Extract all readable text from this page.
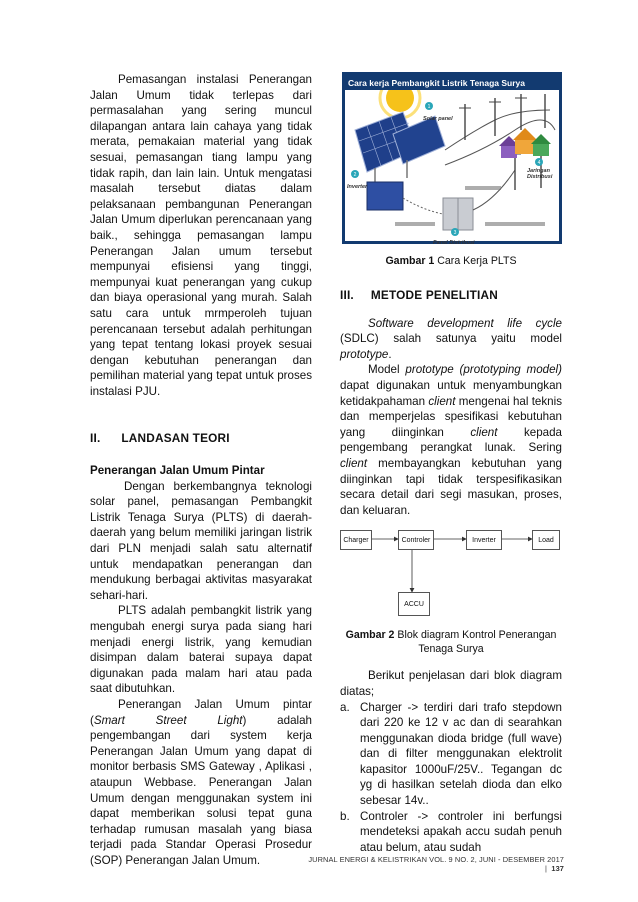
Pemasangan instalasi Penerangan Jalan Umum tidak terlepas dari permasalahan yang sering muncul dilapangan antara lain cahaya yang tidak merata, pemakaian material yang tidak sesuai, pemasangan tiang lampu yang tidak rapih, dan lain lain. Untuk mengatasi masalah tersebut diatas dalam pelaksanaan pembangunan Penerangan Jalan Umum diperlukan perencanaan yang baik., sehingga pemasangan lampu Penerangan Jalan umum tersebut mempunyai efisiensi yang tinggi, mempunyai kuat penerangan yang cukup dan biaya operasional yang murah. Salah satu cara untuk mrmperoleh tujuan perencanaan tersebut adalah perhitungan yang tepat tentang lokasi proyek sesuai dengan kebutuhan penerangan dan pemilihan material yang tepat untuk proses instalasi PJU.

II. LANDASAN TEORI
Penerangan Jalan Umum Pintar

Dengan berkembangnya teknologi solar panel, pemasangan Pembangkit Listrik Tenaga Surya (PLTS) di daerah-daerah yang belum memiliki jaringan listrik dari PLN menjadi salah satu alternatif untuk mendapatkan penerangan dan mendukung berbagai aktivitas masyarakat sehari-hari.

PLTS adalah pembangkit listrik yang mengubah energi surya pada siang hari menjadi energi listrik, yang kemudian disimpan dalam baterai supaya dapat digunakan pada malam hari atau pada saat dibutuhkan.

Penerangan Jalan Umum pintar (Smart Street Light) adalah pengembangan dari system kerja Penerangan Jalan Umum yang dapat di monitor berbasis SMS Gateway , Aplikasi , ataupun Webbase. Penerangan Jalan Umum dengan menggunakan system ini dapat memberikan solusi tepat guna terhadap rumusan masalah yang biasa terjadi pada Standar Operasi Prosedur (SOP) Penerangan Jalan Umum.

Cara kerja Pembangkit Listrik Tenaga Surya
1
2
3
4
Solar panel
Inverter
Panel Distribusi
Jaringan Distribusi

Gambar 1 Cara Kerja PLTS

III. METODE PENELITIAN

Software development life cycle (SDLC) salah satunya yaitu model prototype.

Model prototype (prototyping model) dapat digunakan untuk menyambungkan ketidakpahaman client mengenai hal teknis dan memperjelas spesifikasi kebutuhan yang diinginkan client kepada pengembang perangkat lunak. Sering client membayangkan kebutuhan yang diinginkan tapi tidak terspesifikasikan secara detail dari segi masukan, proses, dan keluaran.

Charger	Controler	Inverter	Load
ACCU

Gambar 2 Blok diagram Kontrol Penerangan Tenaga Surya

Berikut penjelasan dari blok diagram diatas;

a. Charger -> terdiri dari trafo stepdown dari 220 ke 12 v ac dan di searahkan menggunakan dioda bridge (full wave) dan di filter menggunakan elektrolit kapasitor 1000uF/25V.. Tegangan dc yg di hasilkan setelah dioda dan elko sebesar 14v..
b. Controler -> controler ini berfungsi mendeteksi apakah accu sudah penuh atau belum, atau sudah
JURNAL ENERGI & KELISTRIKAN VOL. 9 NO. 2, JUNI - DESEMBER 2017  |  137
